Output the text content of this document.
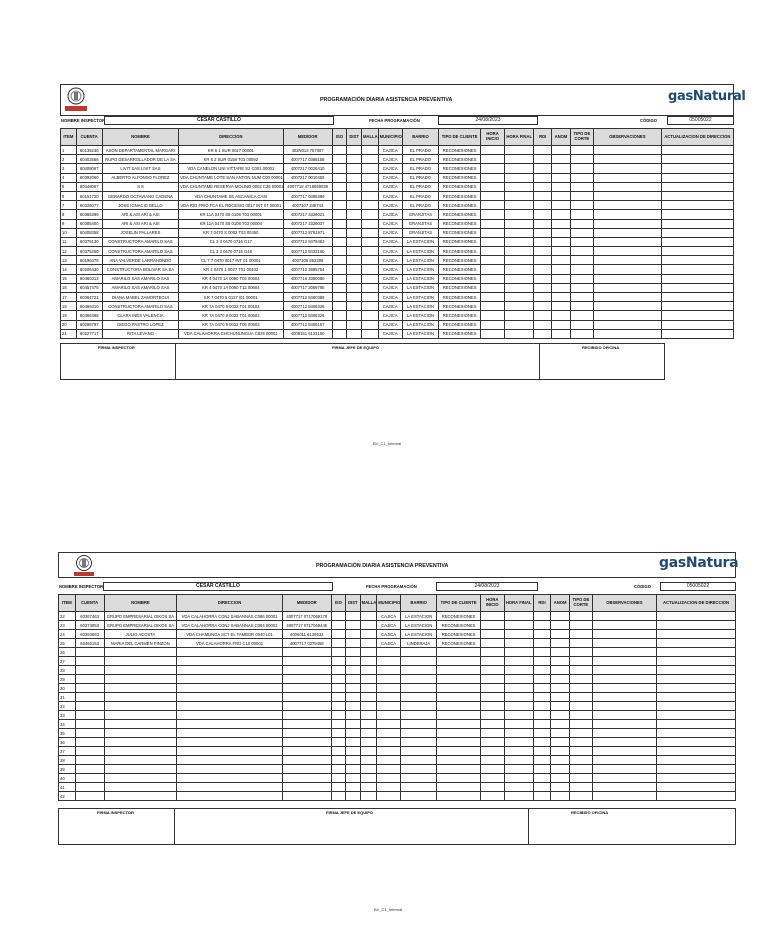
PROGRAMACIÓN DIARIA ASISTENCIA PREVENTIVA	gasNatural
NOMBRE INSPECTOR	CESAR CASTILLO	FECHA PROGRAMACIÓN	24/08/2023	CÓDIGO	05005022
ITEM	CUENTA	NOMBRE	DIRECCION	MEDIDOR	ISO	DIST	MALLA	MUNICIPIO	BARRIO	TIPO DE CLIENTE	HORA INICIO	HORA FINAL	RDI	ANOM	TIPO DE CORTE	OBSERVACIONES	ACTUALIZACION DE DIRECCION
1	60135236	ASON DEPARTAMENTAL MARGARI	KR 6 1 SUR 0027 00001	402N013 757097				CAJICA	EL PRADO	RECONEXIONES							
2	60402566	RUPO DESARROLLADOR DE LA SA	KR 6 2 SUR 0158 T03 00092	4007717 0388158				CAJICA	EL PRADO	RECONEXIONES							
3	60408067	LIVIT SAS LIVIT SAS	VDA CANELON UNI VITTARE S2 C001 00001	4007217 0026410				CAJICA	EL PRADO	RECONEXIONES							
4	60392060	ALBERTO ALFONSO FLOREZ	VDA CHUNTAME LOTE SAN ANTON NUM C00 00001	4007217 0010459				CAJICA	EL PRADO	RECONEXIONES							
5	60448067	S S	VDA CHUNTAME RESERVA MOLINO 0002 C26 00001	4007718 4719059039				CAJICA	EL PRADO	RECONEXIONES							
6	60151720	GERARDO OCTAVIANO CADENA	VDA CHUNTAME SE ASCANICA CASI	4007717 0395489				CAJICA	EL PRADO	RECONEXIONES							
7	60326077	JOSE IGNACIO BELLO	VDA RIO FRIO FCA EL ROCESIO 0017 INT 07 00001	4007107 346743				CAJICA	EL PRADO	RECONEXIONES							
8	60385399	ARI & ASI ARI & ASI	KR 11A 0470 S8 0108 T03 00001	4007217 3326021				CAJICA	GRANJITAS	RECONEXIONES							
9	60385400	ARI & ASI ARI & ASI	KR 11A 0470 S8 0108 T03 00004	4007217 3326037				CAJICA	GRANJITAS	RECONEXIONES							
10	60408358	JOSELIN PALLARES	KR 7 0470 S 0002 T03 00450	4007712 8761971				CAJICA	GRANJITAS	RECONEXIONES							
11	60375130	CONSTRUCTORA AMARILO SAS	CL 3 3 0470 0716 G17	4007712 8479483				CAJICA	LA ESTACION	RECONEXIONES							
12	60375260	CONSTRUCTORA AMARILO SAS	CL 3 3 0470 0716 G46	4007712 8433160				CAJICA	LA ESTACION	RECONEXIONES							
13	60196476	ANA VALVERDE LARRAHONDO	CL 7 7 0470 0017 INT 01 00001	4007106 852298				CAJICA	LA ESTACION	RECONEXIONES							
14	60206430	CONSTRUCTORA BOLIVAR SA SA	KR 2 0470 1 0027 T01 00402	4007712 3999754				CAJICA	LA ESTACION	RECONEXIONES							
15	60460313	AMARILO SAS AMARILO SAS	KR 4 0470 1A 0060 T03 00504	4007716 3380080				CAJICA	LA ESTACION	RECONEXIONES							
16	60457475	AMARILO SAS AMARILO SAS	KR 4 0470 1A 0060 T12 00604	4007717 3069795				CAJICA	LA ESTACION	RECONEXIONES							
17	60364721	DIANA MABEL ZAMORTEGUI	KR 7 0470 5 0127 I01 00001	4007712 8460389				CAJICA	LA ESTACION	RECONEXIONES							
18	60466310	CONSTRUCTORA AMARILO SAS	KR 7A 0470 9 0032 T01 00104	4007712 8406326				CAJICA	LA ESTACION	RECONEXIONES							
19	60466496	CLARA INES VALENCIA	KR 7A 0470 9 0032 T01 00502	4007712 8406326				CAJICA	LA ESTACION	RECONEXIONES							
20	60296797	DIEGO PASTRO LOPEZ	KR 7A 0470 9 0032 T05 00503	4007712 8406157				CAJICA	LA ESTACION	RECONEXIONES							
21	60227717	RITA LEVANO	VDA CALAHORRA CHCHUNUNGUA C825 00001	4008151 6133150				CAJICA	LA ESTACION	RECONEXIONES							
FIRMA INSPECTOR	FIRMA JEFE DE EQUIPO	RECIBIDO OFICINA
BV_C1_Internal
PROGRAMACIÓN DIARIA ASISTENCIA PREVENTIVA	gasNatura
NOMBRE INSPECTOR	CESAR CASTILLO	FECHA PROGRAMACIÓN	24/08/2023	CÓDIGO	05005022
ITEM	CUENTA	NOMBRE	DIRECCION	MEDIDOR	ISO	DIST	MALLA	MUNICIPIO	BARRIO	TIPO DE CLIENTE	HORA INICIO	HORA FINAL	RDI	ANOM	TIPO DE CORTE	OBSERVACIONES	ACTUALIZACION DE DIRECCION
22	60367463	GRUPO EMPRESARIAL OIKOS SA	VDA CALAHORRA CONJ SABANNAS C086 00001	4007717 0717069178				CAJICA	LA ESTACION	RECONEXIONES							
23	60374053	GRUPO EMPRESARIAL OIKOS SA	VDA CALAHORRA CONJ SABANNAS C094 00001	4007717 0717069445				CAJICA	LA ESTACION	RECONEXIONES							
24	60393693	JULIO ACOSTA	VDA CHAMUNGA SCT EL TAMBOR 0040 L01	4006011 6129532				CAJICA	LA ESTACION	RECONEXIONES							
25	60460153	MARIA DEL CARMEN PINZON	VDA CALAHORRA FRO C10 00001	4007717 0379458				CAJICA	LINDERAJA	RECONEXIONES							
26																	
27																	
28																	
29																	
30																	
31																	
32																	
33																	
34																	
35																	
36																	
37																	
38																	
39																	
40																	
41																	
42																	
FIRMA INSPECTOR	FIRMA JEFE DE EQUIPO	RECIBIDO OFICINA
BV_C1_Internal
